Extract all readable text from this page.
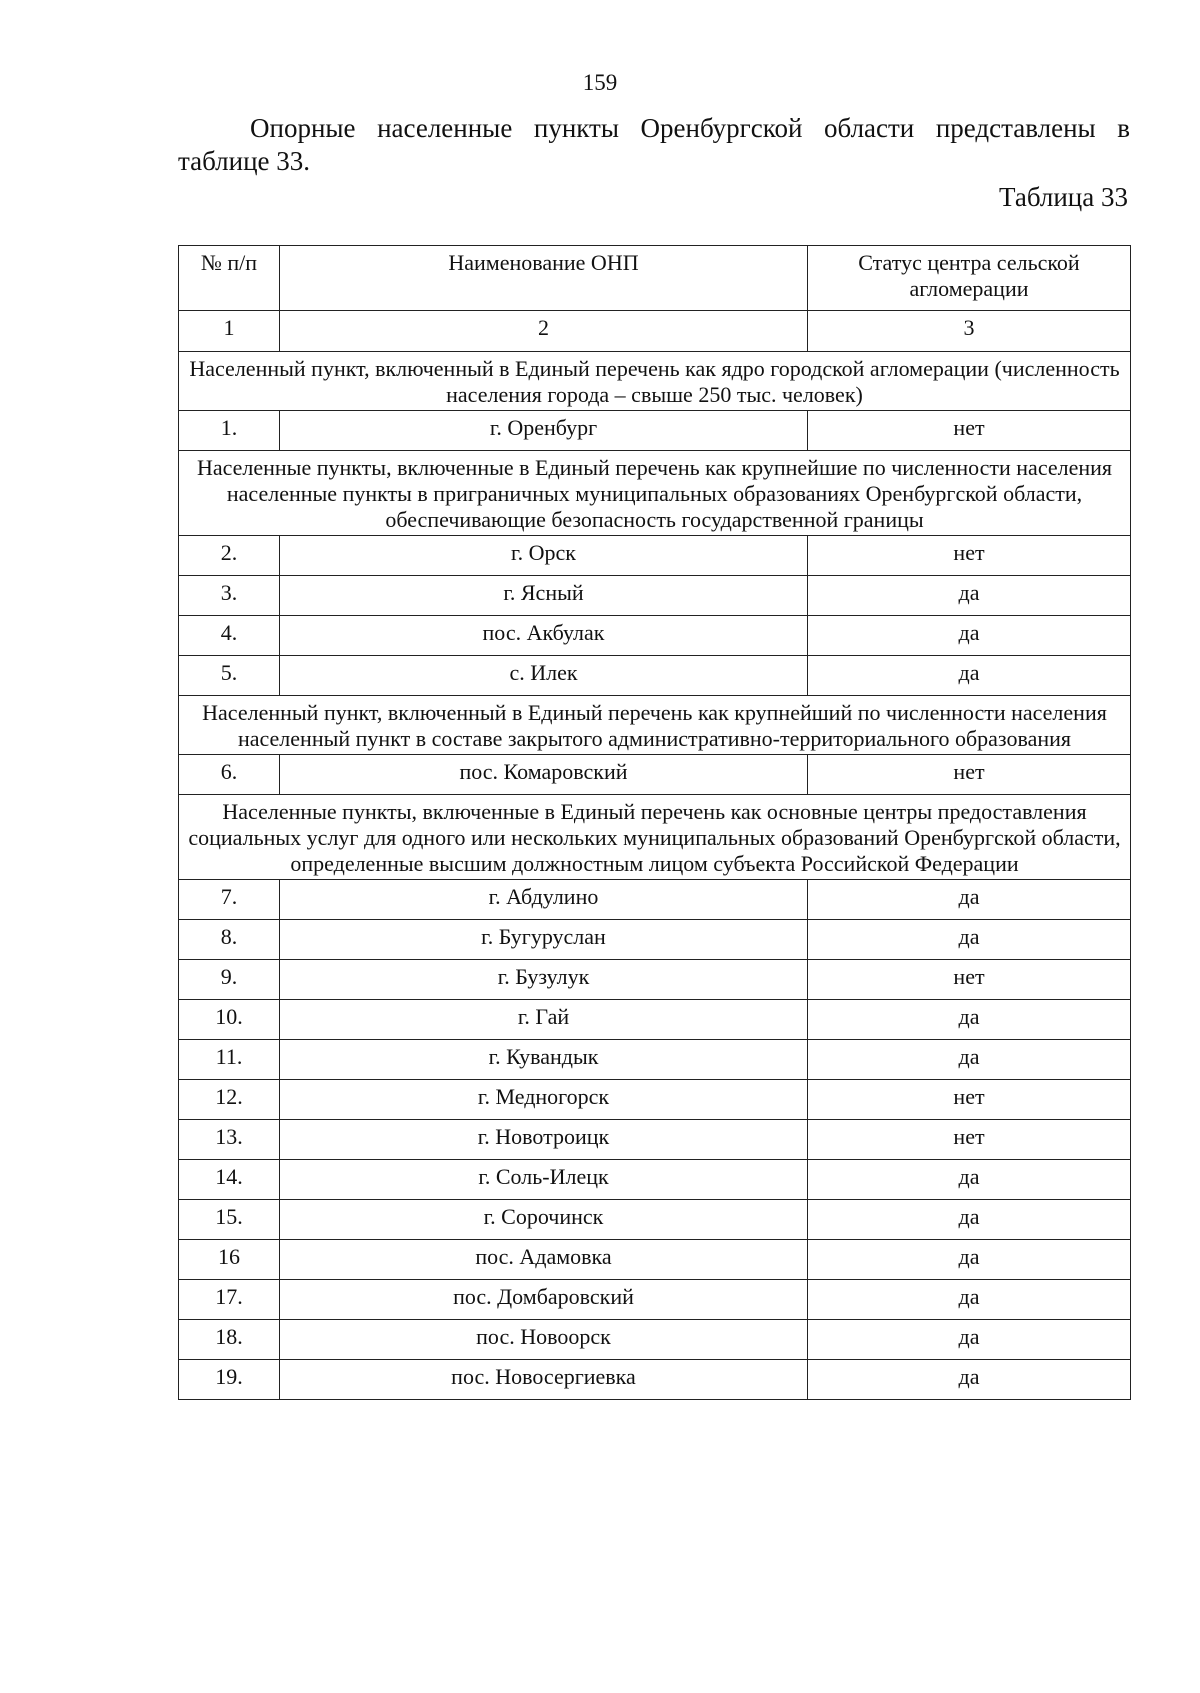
159

Опорные населенные пункты Оренбургской области представлены в таблице 33.

Таблица 33
№ п/п	Наименование ОНП	Статус центра сельской агломерации
1	2	3
Населенный пункт, включенный в Единый перечень как ядро городской агломерации (численность населения города – свыше 250 тыс. человек)		
1.	г. Оренбург	нет
Населенные пункты, включенные в Единый перечень как крупнейшие по численности населения населенные пункты в приграничных муниципальных образованиях Оренбургской области, обеспечивающие безопасность государственной границы		
2.	г. Орск	нет
3.	г. Ясный	да
4.	пос. Акбулак	да
5.	с. Илек	да
Населенный пункт, включенный в Единый перечень как крупнейший по численности населения населенный пункт в составе закрытого административно-территориального образования		
6.	пос. Комаровский	нет
Населенные пункты, включенные в Единый перечень как основные центры предоставления социальных услуг для одного или нескольких муниципальных образований Оренбургской области, определенные высшим должностным лицом субъекта Российской Федерации		
7.	г. Абдулино	да
8.	г. Бугуруслан	да
9.	г. Бузулук	нет
10.	г. Гай	да
11.	г. Кувандык	да
12.	г. Медногорск	нет
13.	г. Новотроицк	нет
14.	г. Соль-Илецк	да
15.	г. Сорочинск	да
16	пос. Адамовка	да
17.	пос. Домбаровский	да
18.	пос. Новоорск	да
19.	пос. Новосергиевка	да
